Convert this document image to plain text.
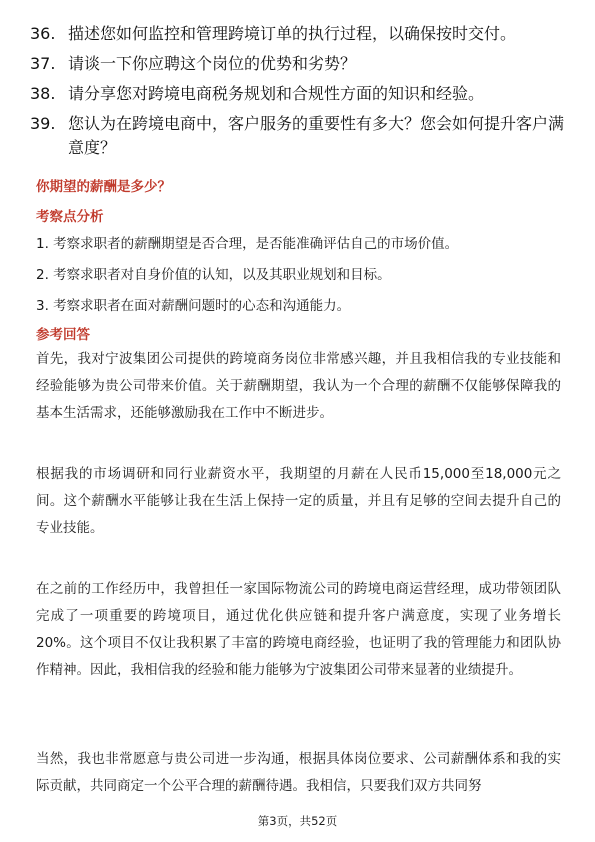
36. 描述您如何监控和管理跨境订单的执行过程，以确保按时交付。
37. 请谈一下你应聘这个岗位的优势和劣势？
38. 请分享您对跨境电商税务规划和合规性方面的知识和经验。
39. 您认为在跨境电商中，客户服务的重要性有多大？您会如何提升客户满意度？
你期望的薪酬是多少？
考察点分析
1. 考察求职者的薪酬期望是否合理，是否能准确评估自己的市场价值。
2. 考察求职者对自身价值的认知，以及其职业规划和目标。
3. 考察求职者在面对薪酬问题时的心态和沟通能力。
参考回答
首先，我对宁波集团公司提供的跨境商务岗位非常感兴趣，并且我相信我的专业技能和经验能够为贵公司带来价值。关于薪酬期望，我认为一个合理的薪酬不仅能够保障我的基本生活需求，还能够激励我在工作中不断进步。
根据我的市场调研和同行业薪资水平，我期望的月薪在人民币15,000至18,000元之间。这个薪酬水平能够让我在生活上保持一定的质量，并且有足够的空间去提升自己的专业技能。
在之前的工作经历中，我曾担任一家国际物流公司的跨境电商运营经理，成功带领团队完成了一项重要的跨境项目，通过优化供应链和提升客户满意度，实现了业务增长20%。这个项目不仅让我积累了丰富的跨境电商经验，也证明了我的管理能力和团队协作精神。因此，我相信我的经验和能力能够为宁波集团公司带来显著的业绩提升。
当然，我也非常愿意与贵公司进一步沟通，根据具体岗位要求、公司薪酬体系和我的实际贡献，共同商定一个公平合理的薪酬待遇。我相信，只要我们双方共同努
第3页，共52页
